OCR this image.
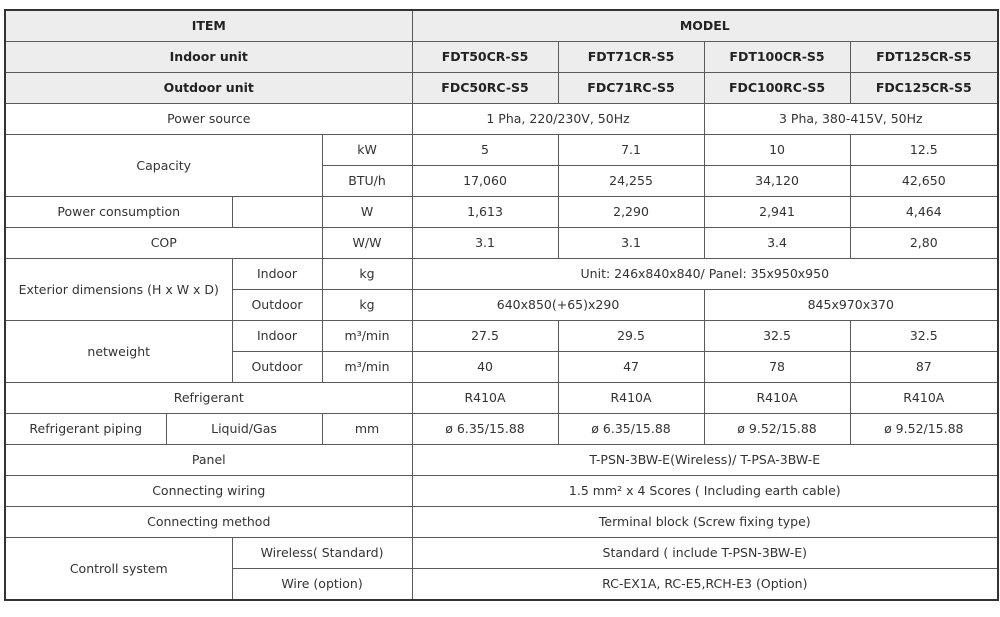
ITEM				MODEL			
Indoor unit				FDT50CR-S5	FDT71CR-S5	FDT100CR-S5	FDT125CR-S5
Outdoor unit				FDC50RC-S5	FDC71RC-S5	FDC100RC-S5	FDC125CR-S5
Power source				1 Pha, 220/230V, 50Hz		3 Pha, 380-415V, 50Hz	
Capacity			kW	5	7.1	10	12.5
			BTU/h	17,060	24,255	34,120	42,650
Power consumption			W	1,613	2,290	2,941	4,464
COP			W/W	3.1	3.1	3.4	2,80
Exterior dimensions (H x W x D)		Indoor	kg	Unit: 246x840x840/ Panel: 35x950x950			
		Outdoor	kg	640x850(+65)x290		845x970x370	
netweight		Indoor	m³/min	27.5	29.5	32.5	32.5
		Outdoor	m³/min	40	47	78	87
Refrigerant				R410A	R410A	R410A	R410A
Refrigerant piping	Liquid/Gas		mm	ø 6.35/15.88	ø 6.35/15.88	ø 9.52/15.88	ø 9.52/15.88
Panel				T-PSN-3BW-E(Wireless)/ T-PSA-3BW-E			
Connecting wiring				1.5 mm² x 4 Scores ( Including earth cable)			
Connecting method				Terminal block (Screw fixing type)			
Controll system		Wireless( Standard)		Standard ( include T-PSN-3BW-E)			
		Wire (option)		RC-EX1A, RC-E5,RCH-E3 (Option)			
